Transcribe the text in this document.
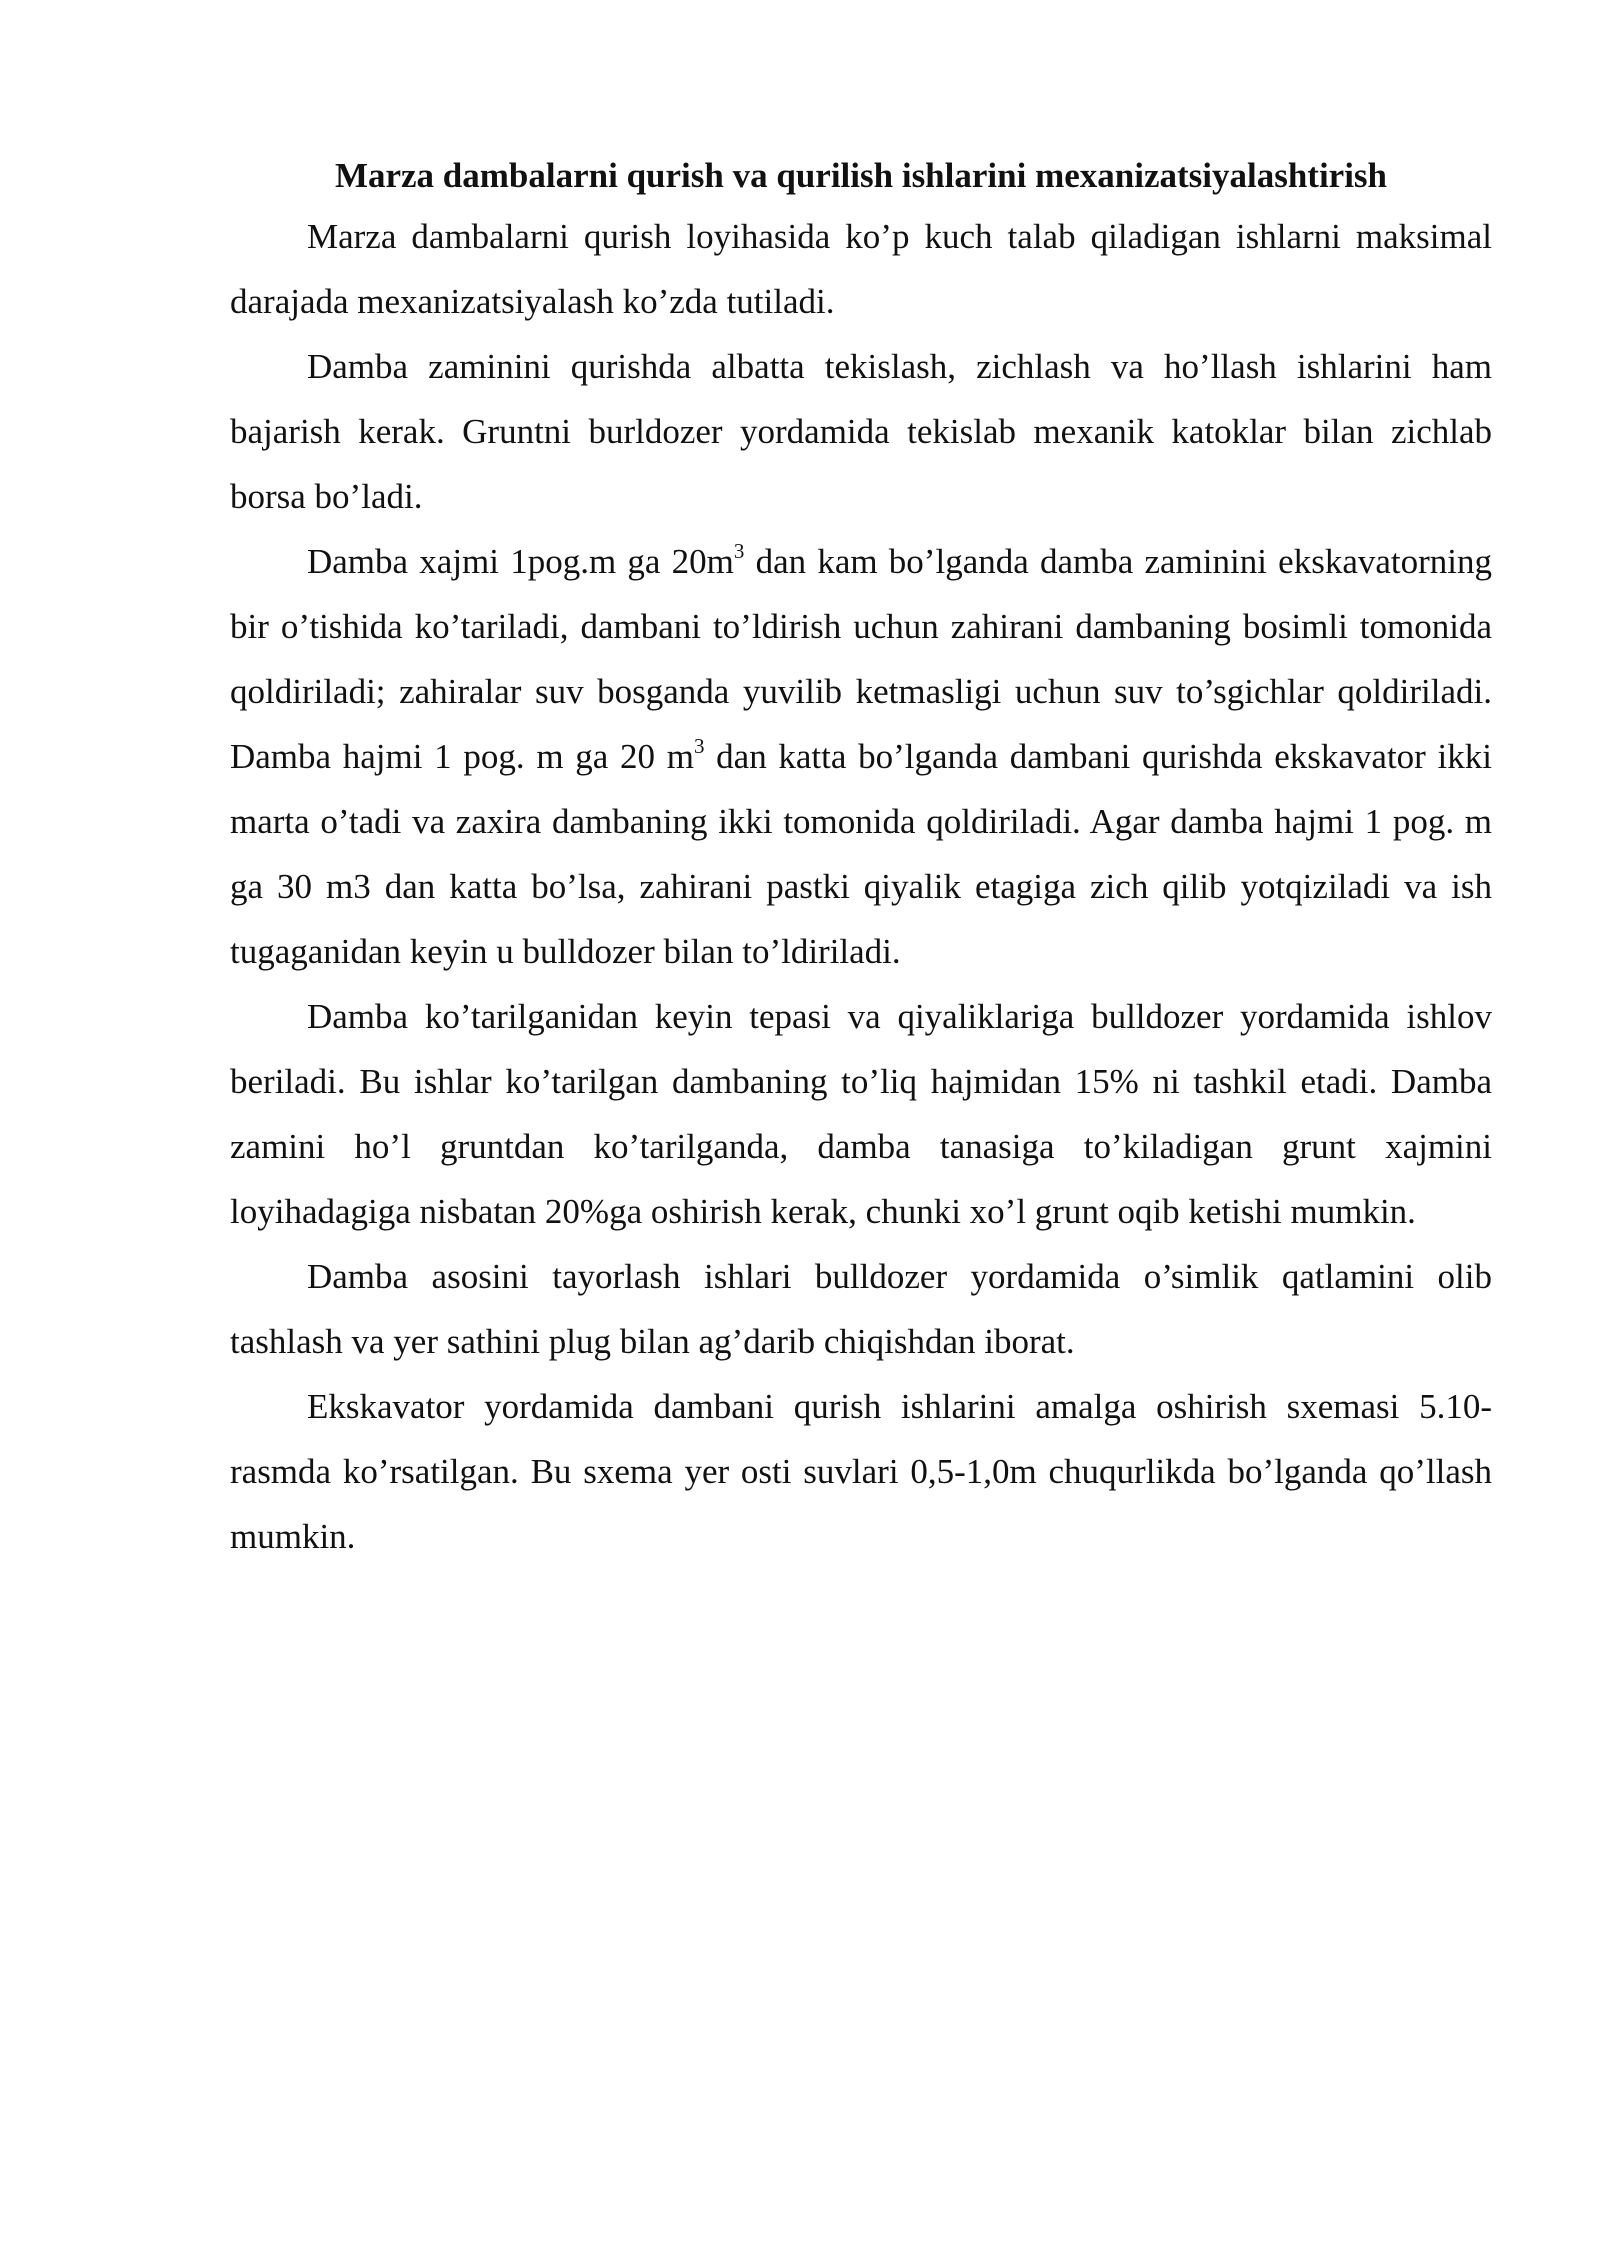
Marza dambalarni qurish va qurilish ishlarini mexanizatsiyalashtirish

Marza dambalarni qurish loyihasida ko’p kuch talab qiladigan ishlarni maksimal darajada mexanizatsiyalash ko’zda tutiladi.

Damba zaminini qurishda albatta tekislash, zichlash va ho’llash ishlarini ham bajarish kerak. Gruntni burldozer yordamida tekislab mexanik katoklar bilan zichlab borsa bo’ladi.

Damba xajmi 1pog.m ga $20m^3$ dan kam bo’lganda damba zaminini ekskavatorning bir o’tishida ko’tariladi, dambani to’ldirish uchun zahirani dambaning bosimli tomonida qoldiriladi; zahiralar suv bosganda yuvilib ketmasligi uchun suv to’sgichlar qoldiriladi. Damba hajmi 1 pog. m ga 20 $m^3$ dan katta bo’lganda dambani qurishda ekskavator ikki marta o’tadi va zaxira dambaning ikki tomonida qoldiriladi. Agar damba hajmi 1 pog. m ga 30 m3 dan katta bo’lsa, zahirani pastki qiyalik etagiga zich qilib yotqiziladi va ish tugaganidan keyin u bulldozer bilan to’ldiriladi.

Damba ko’tarilganidan keyin tepasi va qiyaliklariga bulldozer yordamida ishlov beriladi. Bu ishlar ko’tarilgan dambaning to’liq hajmidan 15% ni tashkil etadi. Damba zamini ho’l gruntdan ko’tarilganda, damba tanasiga to’kiladigan grunt xajmini loyihadagiga nisbatan 20%ga oshirish kerak, chunki xo’l grunt oqib ketishi mumkin.

Damba asosini tayorlash ishlari bulldozer yordamida o’simlik qatlamini olib tashlash va yer sathini plug bilan ag’darib chiqishdan iborat.

Ekskavator yordamida dambani qurish ishlarini amalga oshirish sxemasi 5.10-rasmda ko’rsatilgan. Bu sxema yer osti suvlari 0,5-1,0m chuqurlikda bo’lganda qo’llash mumkin.
